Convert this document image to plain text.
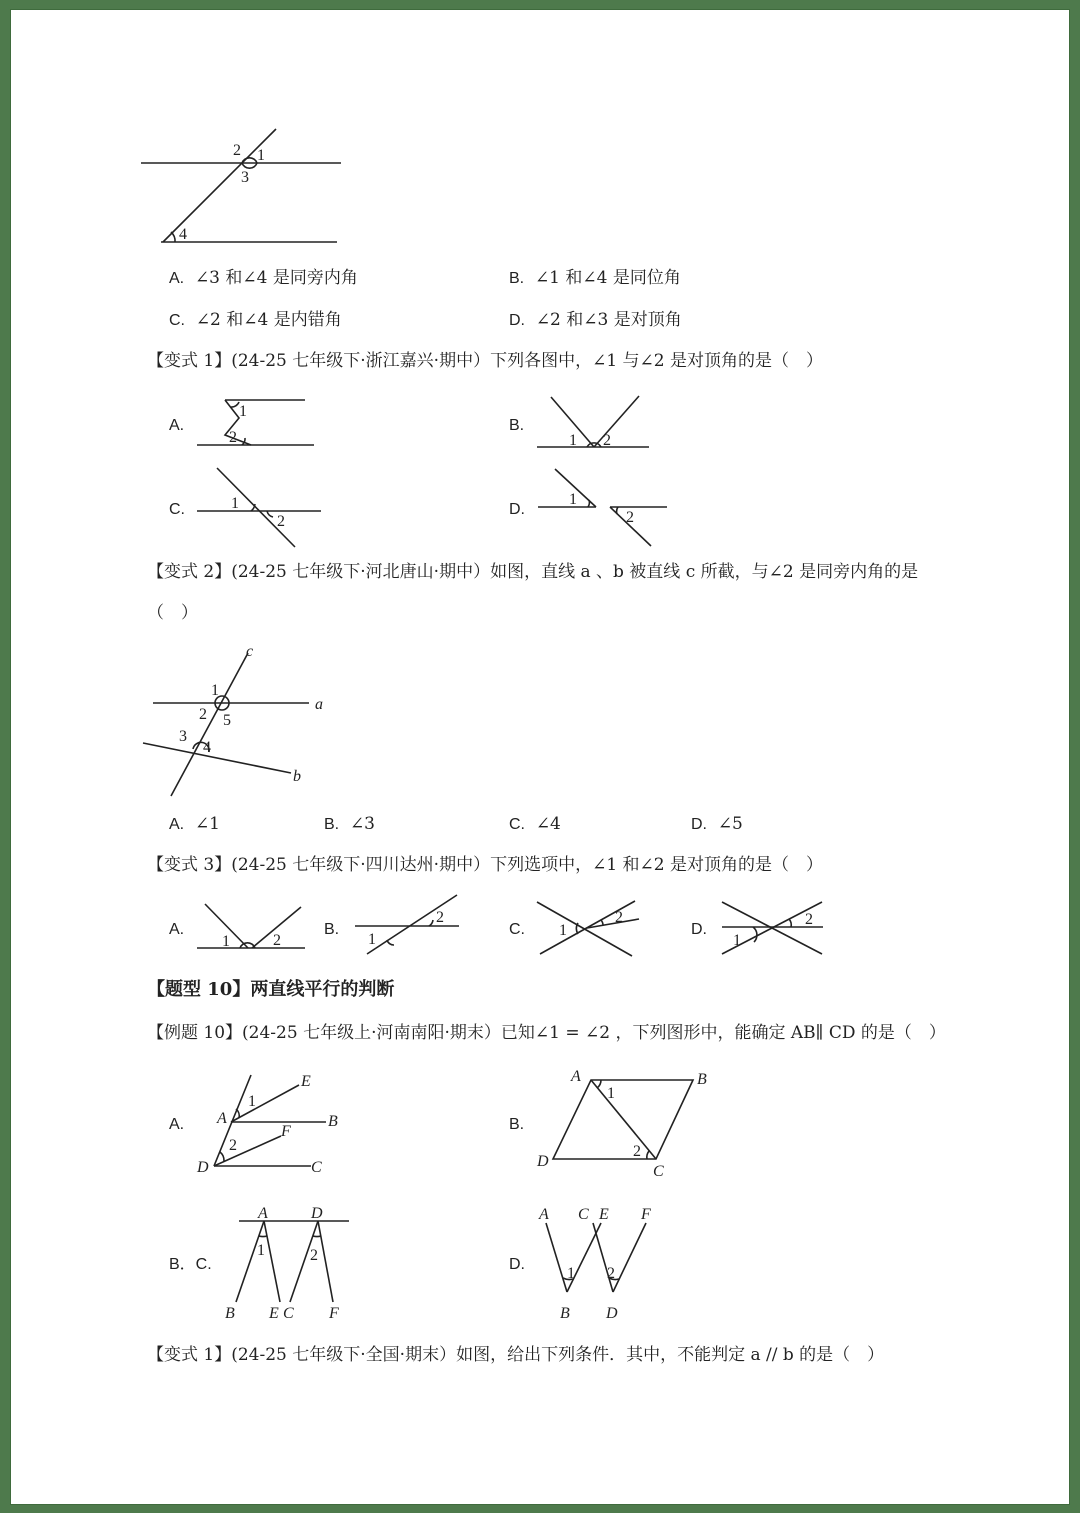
1
2
3
4
A. ∠3 和∠4 是同旁内角	B. ∠1 和∠4 是同位角
C. ∠2 和∠4 是内错角	D. ∠2 和∠3 是对顶角
【变式 1】(24-25 七年级下·浙江嘉兴·期中）下列各图中，∠1 与∠2 是对顶角的是（　）
A.
1
2
B.
1 2
C.	1
2
D.
1
2
【变式 2】(24-25 七年级下·河北唐山·期中）如图，直线 a 、b 被直线 c 所截，与∠2 是同旁内角的是
（　）
c
a
b
1
2 5
3
4
A. ∠1	B. ∠3	C. ∠4	D. ∠5
【变式 3】(24-25 七年级下·四川达州·期中）下列选项中，∠1 和∠2 是对顶角的是（　）
A.
1	2
B.
1
2
C. 1
2
D.
1
2
【题型 10】两直线平行的判断
【例题 10】(24-25 七年级上·河南南阳·期末）已知∠1 = ∠2 ，下列图形中，能确定 AB∥ CD 的是（　）
A.
E
A	B
F
D	C
1
2
B.
A	B
D
C
1
2
B．C.
A	D
1	2
B E C F
D.
A C E F
1 2
B D
【变式 1】(24-25 七年级下·全国·期末）如图，给出下列条件．其中，不能判定 a // b 的是（　）
